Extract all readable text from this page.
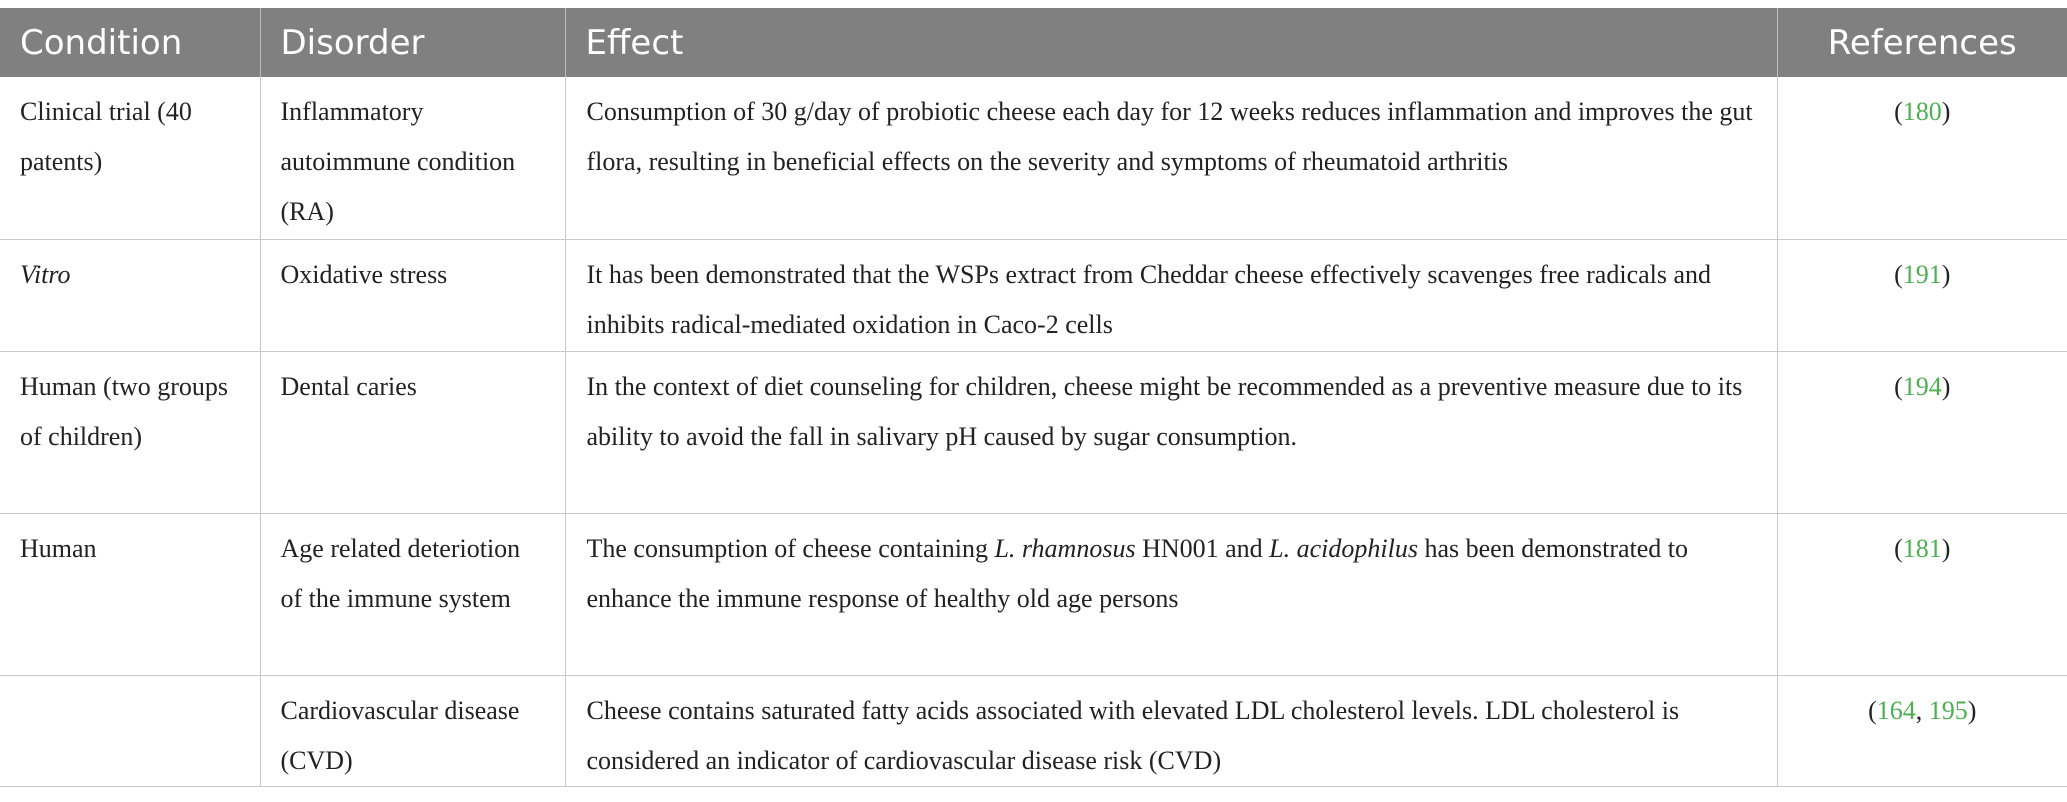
Condition	Disorder	Effect	References
Clinical trial (40 patents)	Inflammatory autoimmune condition (RA)	Consumption of 30 g/day of probiotic cheese each day for 12 weeks reduces inflammation and improves the gut flora, resulting in beneficial effects on the severity and symptoms of rheumatoid arthritis	(180)
Vitro	Oxidative stress	It has been demonstrated that the WSPs extract from Cheddar cheese effectively scavenges free radicals and inhibits radical-mediated oxidation in Caco-2 cells	(191)
Human (two groups of children)	Dental caries	In the context of diet counseling for children, cheese might be recommended as a preventive measure due to its ability to avoid the fall in salivary pH caused by sugar consumption.	(194)
Human	Age related deteriotion of the immune system	The consumption of cheese containing L. rhamnosus HN001 and L. acidophilus has been demonstrated to enhance the immune response of healthy old age persons	(181)
	Cardiovascular disease (CVD)	Cheese contains saturated fatty acids associated with elevated LDL cholesterol levels. LDL cholesterol is considered an indicator of cardiovascular disease risk (CVD)	(164, 195)
